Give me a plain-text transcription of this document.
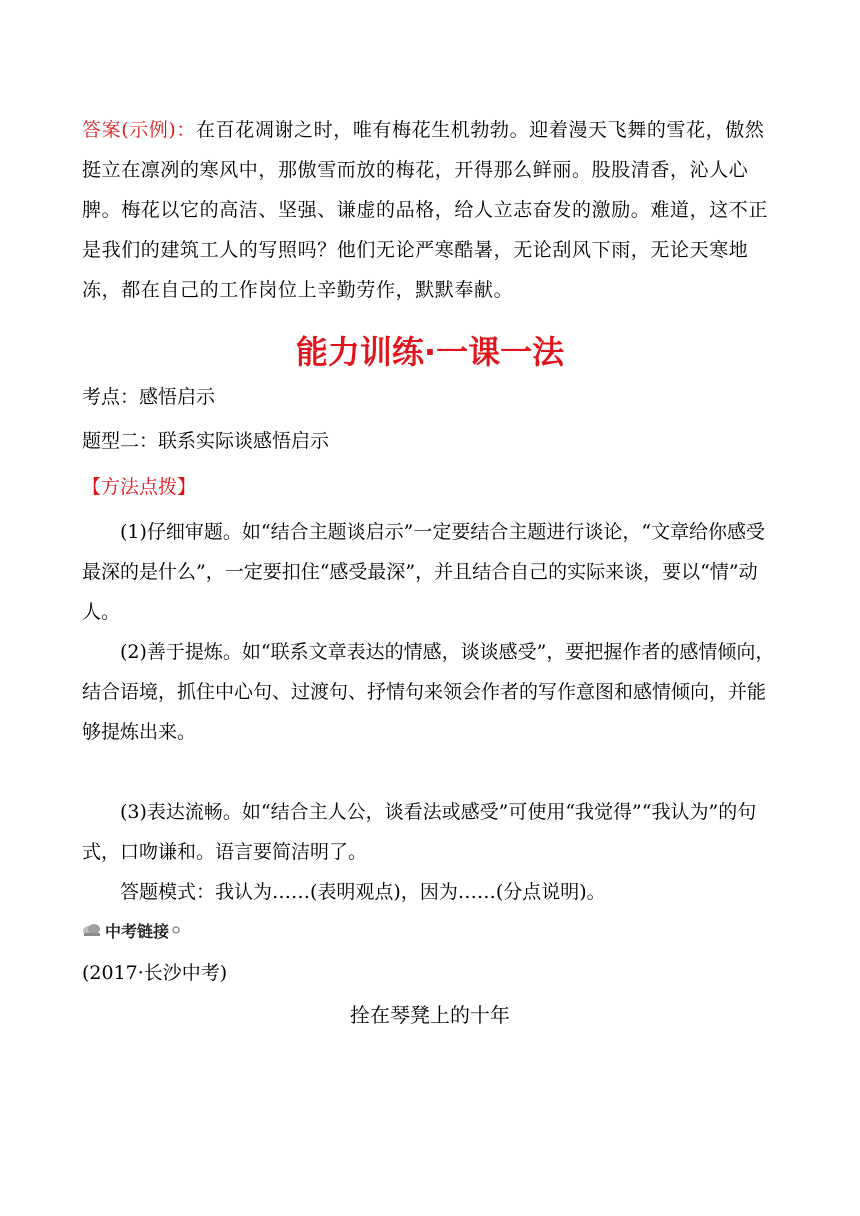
答案(示例)：在百花凋谢之时，唯有梅花生机勃勃。迎着漫天飞舞的雪花，傲然挺立在凛冽的寒风中，那傲雪而放的梅花，开得那么鲜丽。股股清香，沁人心脾。梅花以它的高洁、坚强、谦虚的品格，给人立志奋发的激励。难道，这不正是我们的建筑工人的写照吗？他们无论严寒酷暑，无论刮风下雨，无论天寒地冻，都在自己的工作岗位上辛勤劳作，默默奉献。
能力训练·一课一法
考点：感悟启示
题型二：联系实际谈感悟启示
【方法点拨】
(1)仔细审题。如“结合主题谈启示”一定要结合主题进行谈论，“文章给你感受最深的是什么”，一定要扣住“感受最深”，并且结合自己的实际来谈，要以“情”动人。
(2)善于提炼。如“联系文章表达的情感，谈谈感受”，要把握作者的感情倾向，结合语境，抓住中心句、过渡句、抒情句来领会作者的写作意图和感情倾向，并能够提炼出来。
(3)表达流畅。如“结合主人公，谈看法或感受”可使用“我觉得”“我认为”的句式，口吻谦和。语言要简洁明了。
答题模式：我认为……(表明观点)，因为……(分点说明)。
中考链接
(2017·长沙中考)
拴在琴凳上的十年
